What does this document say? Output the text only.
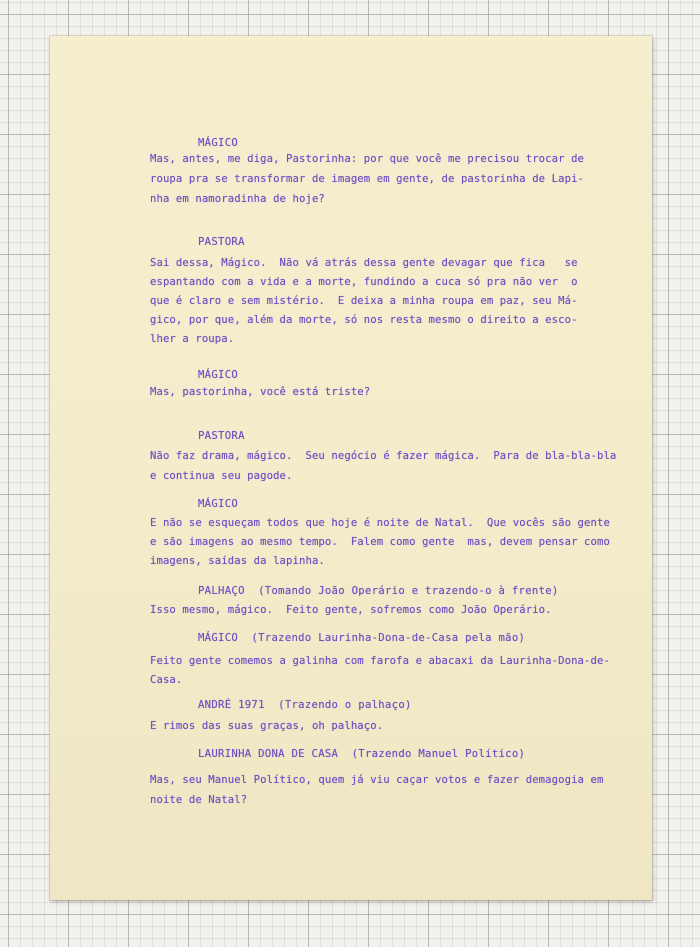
MÁGICO
Mas, antes, me diga, Pastorinha: por que você me precisou trocar de
roupa pra se transformar de imagem em gente, de pastorinha de Lapi-
nha em namoradinha de hoje?
PASTORA
Sai dessa, Mágico.  Não vá atrás dessa gente devagar que fica   se
espantando com a vida e a morte, fundindo a cuca só pra não ver  o
que é claro e sem mistério.  E deixa a minha roupa em paz, seu Má-
gico, por que, além da morte, só nos resta mesmo o direito a esco-
lher a roupa.
MÁGICO
Mas, pastorinha, você está triste?
PASTORA
Não faz drama, mágico.  Seu negócio é fazer mágica.  Para de bla-bla-bla
e continua seu pagode.
MÁGICO
E não se esqueçam todos que hoje é noite de Natal.  Que vocês são gente
e são imagens ao mesmo tempo.  Falem como gente  mas, devem pensar como
imagens, saídas da lapinha.
PALHAÇO  (Tomando João Operário e trazendo-o à frente)
Isso mesmo, mágico.  Feito gente, sofremos como João Operário.
MÁGICO  (Trazendo Laurinha-Dona-de-Casa pela mão)
Feito gente comemos a galinha com farofa e abacaxi da Laurinha-Dona-de-
Casa.
ANDRÉ 1971  (Trazendo o palhaço)
E rimos das suas graças, oh palhaço.
LAURINHA DONA DE CASA  (Trazendo Manuel Político)
Mas, seu Manuel Político, quem já viu caçar votos e fazer demagogia em
noite de Natal?
